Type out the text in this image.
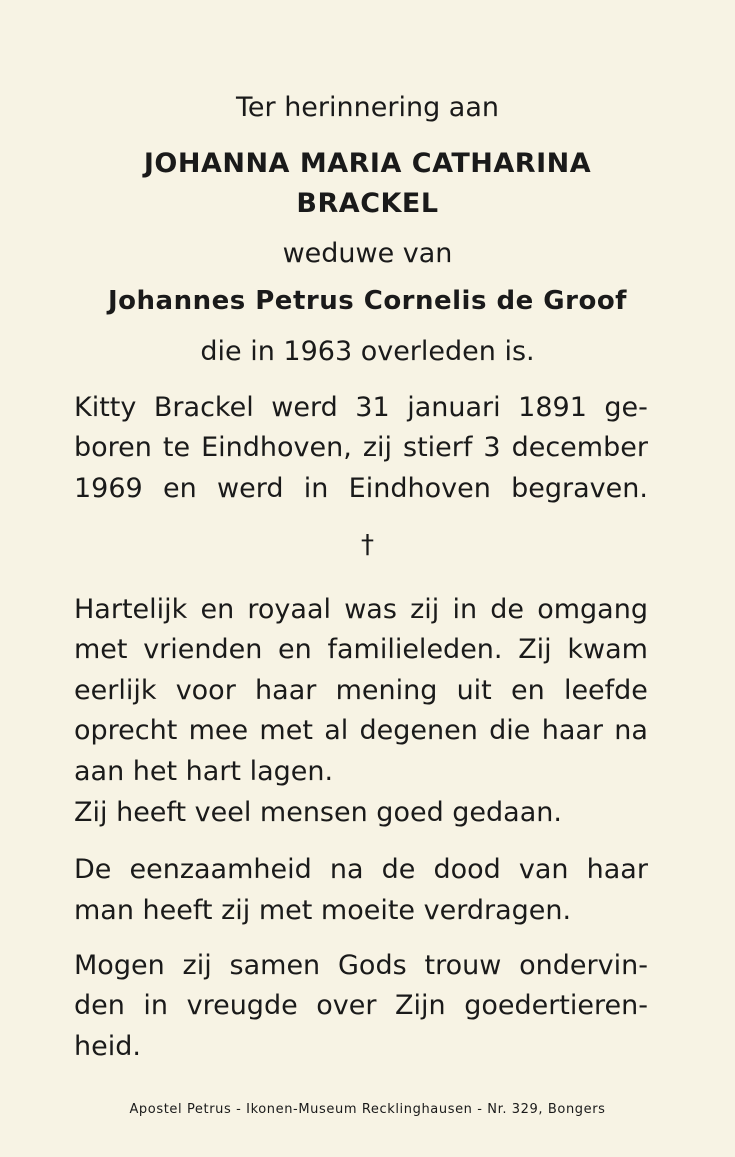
Ter herinnering aan
JOHANNA MARIA CATHARINA
BRACKEL
weduwe van
Johannes Petrus Cornelis de Groof
die in 1963 overleden is.
Kitty Brackel werd 31 januari 1891 ge-
boren te Eindhoven, zij stierf 3 december
1969 en werd in Eindhoven begraven.
†
Hartelijk en royaal was zij in de omgang
met vrienden en familieleden. Zij kwam
eerlijk voor haar mening uit en leefde
oprecht mee met al degenen die haar na
aan het hart lagen.
Zij heeft veel mensen goed gedaan.
De eenzaamheid na de dood van haar
man heeft zij met moeite verdragen.
Mogen zij samen Gods trouw ondervin-
den in vreugde over Zijn goedertieren-
heid.
Apostel Petrus - Ikonen-Museum Recklinghausen - Nr. 329, Bongers
